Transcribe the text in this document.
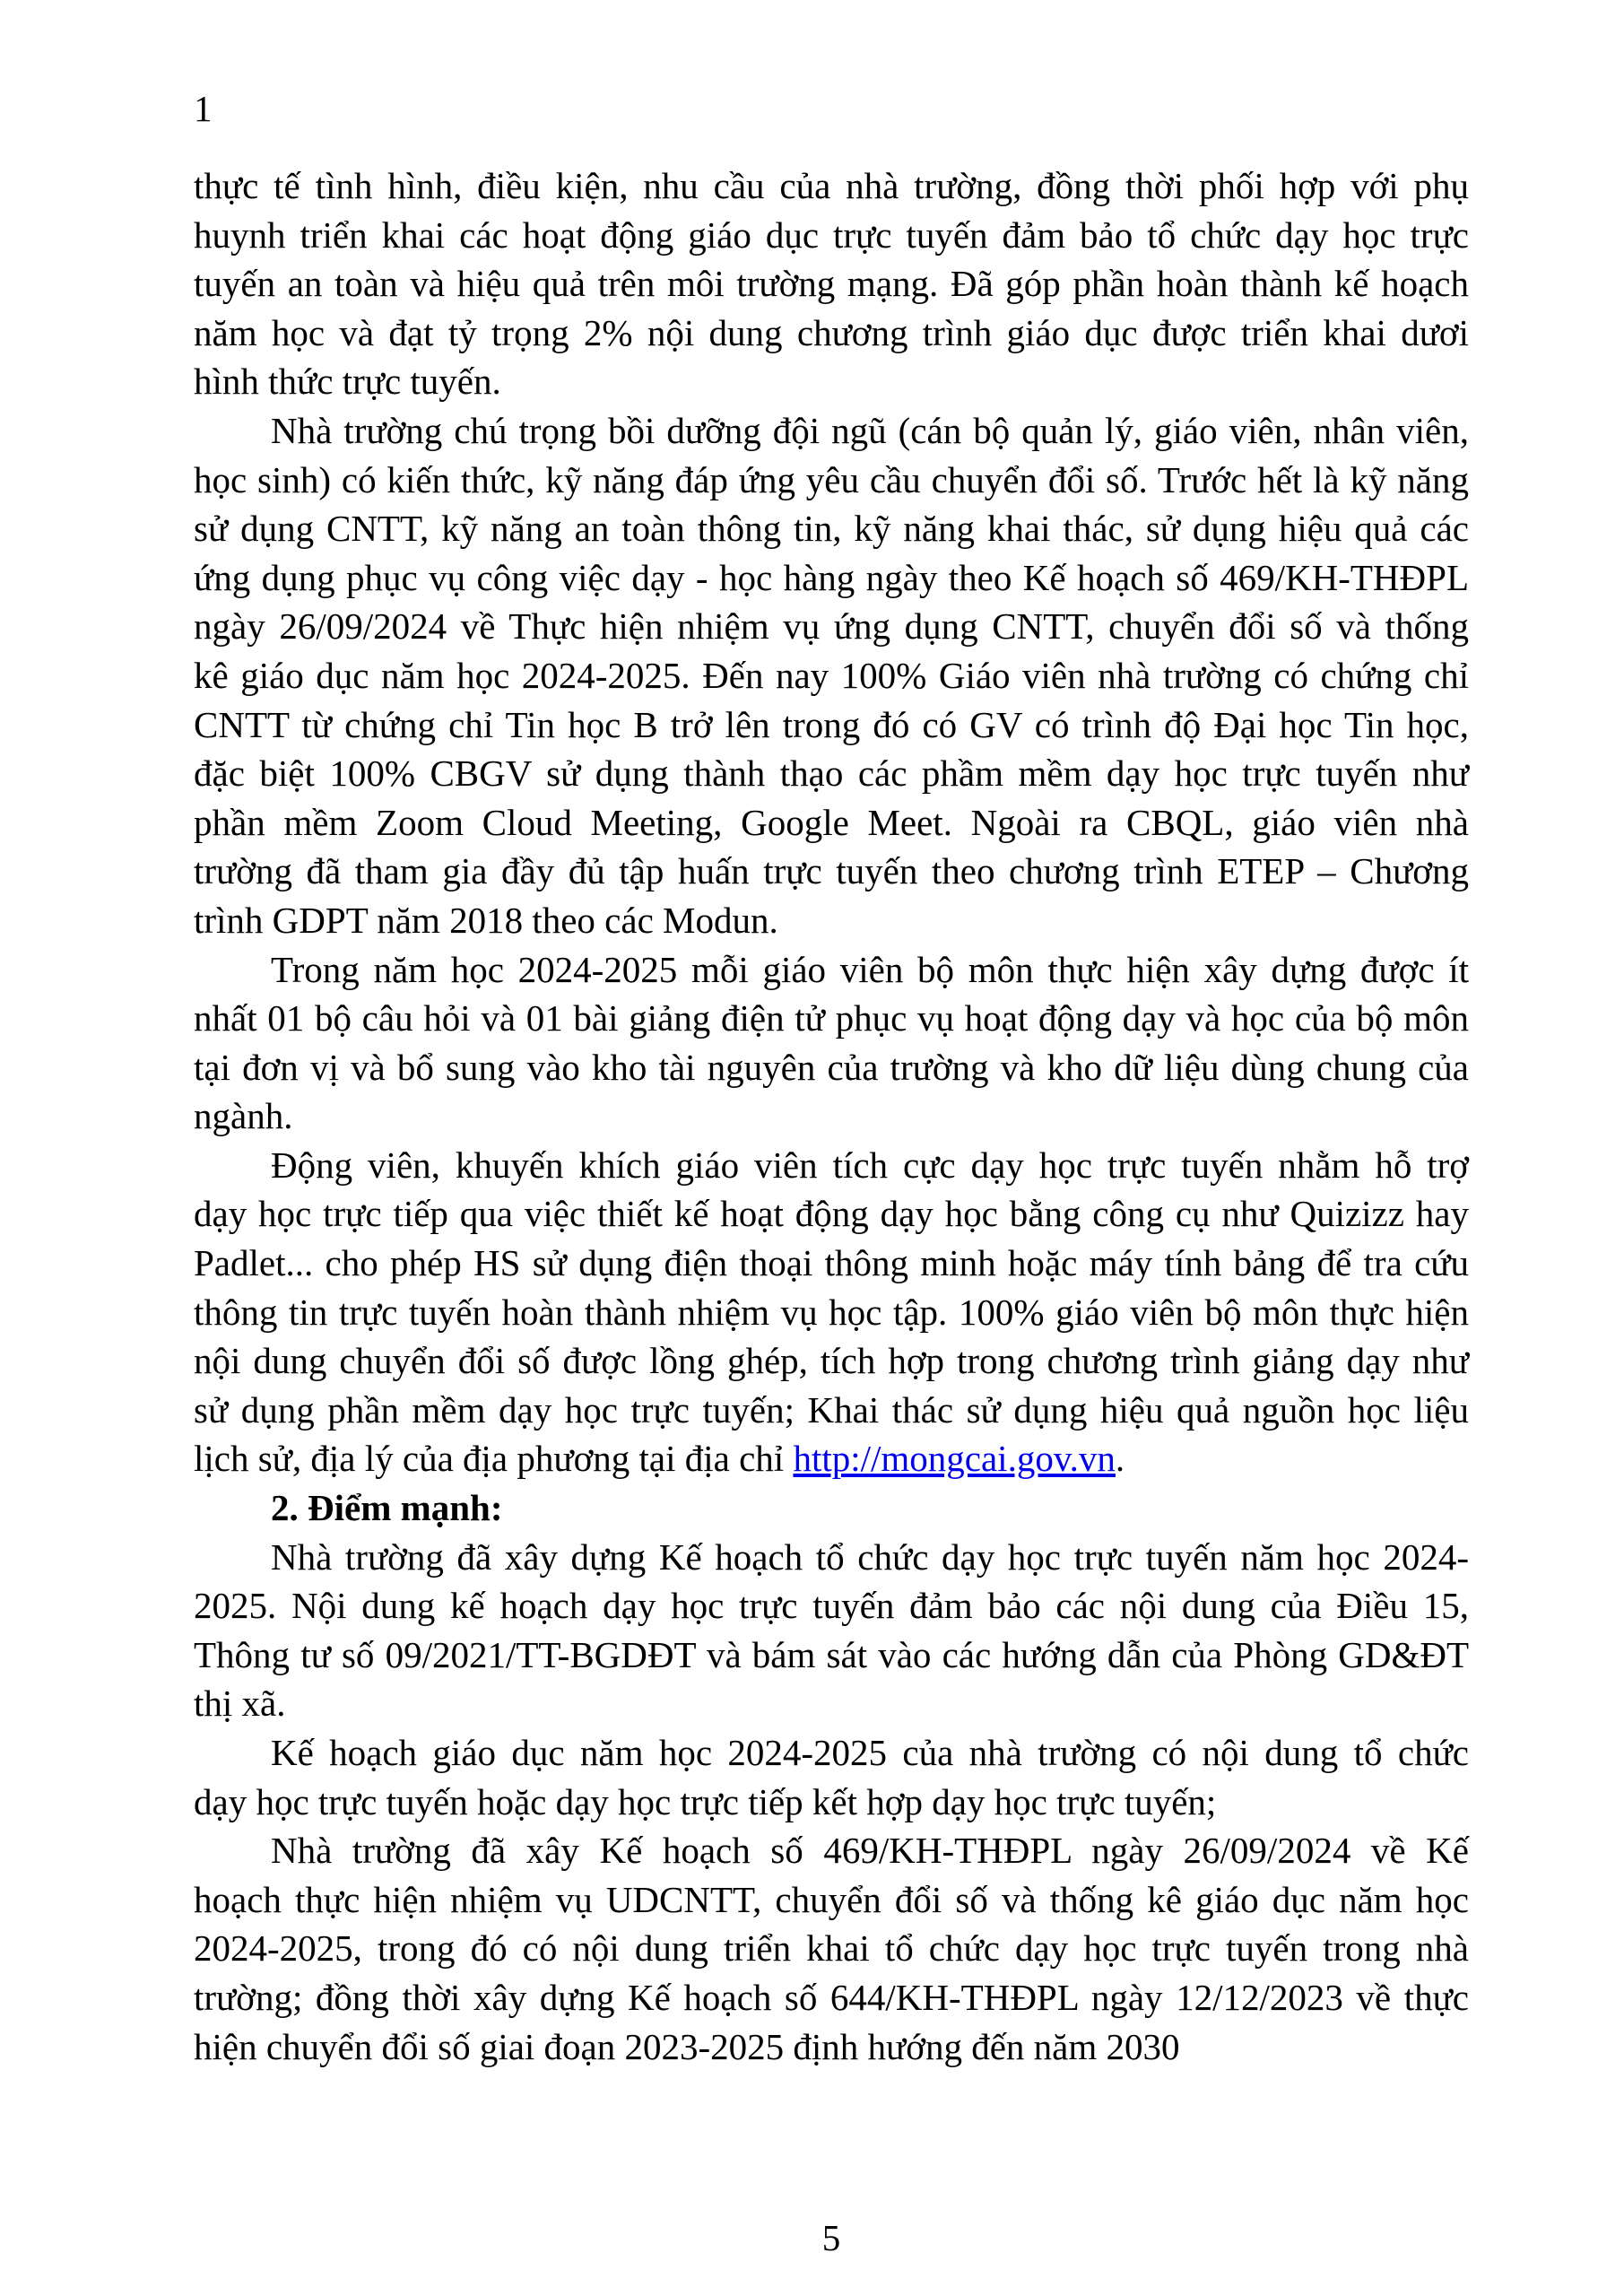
1
thực tế tình hình, điều kiện, nhu cầu của nhà trường, đồng thời phối hợp với phụ
huynh triển khai các hoạt động giáo dục trực tuyến đảm bảo tổ chức dạy học trực
tuyến an toàn và hiệu quả trên môi trường mạng. Đã góp phần hoàn thành kế hoạch
năm học và đạt tỷ trọng 2% nội dung chương trình giáo dục được triển khai dươi
hình thức trực tuyến.
Nhà trường chú trọng bồi dưỡng đội ngũ (cán bộ quản lý, giáo viên, nhân viên,
học sinh) có kiến thức, kỹ năng đáp ứng yêu cầu chuyển đổi số. Trước hết là kỹ năng
sử dụng CNTT, kỹ năng an toàn thông tin, kỹ năng khai thác, sử dụng hiệu quả các
ứng dụng phục vụ công việc dạy - học hàng ngày theo Kế hoạch số 469/KH-THĐPL
ngày 26/09/2024 về Thực hiện nhiệm vụ ứng dụng CNTT, chuyển đổi số và thống
kê giáo dục năm học 2024-2025. Đến nay 100% Giáo viên nhà trường có chứng chỉ
CNTT từ chứng chỉ Tin học B trở lên trong đó có GV có trình độ Đại học Tin học,
đặc biệt 100% CBGV sử dụng thành thạo các phầm mềm dạy học trực tuyến như
phần mềm Zoom Cloud Meeting, Google Meet. Ngoài ra CBQL, giáo viên nhà
trường đã tham gia đầy đủ tập huấn trực tuyến theo chương trình ETEP – Chương
trình GDPT năm 2018 theo các Modun.
Trong năm học 2024-2025 mỗi giáo viên bộ môn thực hiện xây dựng được ít
nhất 01 bộ câu hỏi và 01 bài giảng điện tử phục vụ hoạt động dạy và học của bộ môn
tại đơn vị và bổ sung vào kho tài nguyên của trường và kho dữ liệu dùng chung của
ngành.
Động viên, khuyến khích giáo viên tích cực dạy học trực tuyến nhằm hỗ trợ
dạy học trực tiếp qua việc thiết kế hoạt động dạy học bằng công cụ như Quizizz hay
Padlet... cho phép HS sử dụng điện thoại thông minh hoặc máy tính bảng để tra cứu
thông tin trực tuyến hoàn thành nhiệm vụ học tập. 100% giáo viên bộ môn thực hiện
nội dung chuyển đổi số được lồng ghép, tích hợp trong chương trình giảng dạy như
sử dụng phần mềm dạy học trực tuyến; Khai thác sử dụng hiệu quả nguồn học liệu
lịch sử, địa lý của địa phương tại địa chỉ http://mongcai.gov.vn.
2. Điểm mạnh:
Nhà trường đã xây dựng Kế hoạch tổ chức dạy học trực tuyến năm học 2024-
2025. Nội dung kế hoạch dạy học trực tuyến đảm bảo các nội dung của Điều 15,
Thông tư số 09/2021/TT-BGDĐT và bám sát vào các hướng dẫn của Phòng GD&ĐT
thị xã.
Kế hoạch giáo dục năm học 2024-2025 của nhà trường có nội dung tổ chức
dạy học trực tuyến hoặc dạy học trực tiếp kết hợp dạy học trực tuyến;
Nhà trường đã xây Kế hoạch số 469/KH-THĐPL ngày 26/09/2024 về Kế
hoạch thực hiện nhiệm vụ UDCNTT, chuyển đổi số và thống kê giáo dục năm học
2024-2025, trong đó có nội dung triển khai tổ chức dạy học trực tuyến trong nhà
trường; đồng thời xây dựng Kế hoạch số 644/KH-THĐPL ngày 12/12/2023 về thực
hiện chuyển đổi số giai đoạn 2023-2025 định hướng đến năm 2030
5
